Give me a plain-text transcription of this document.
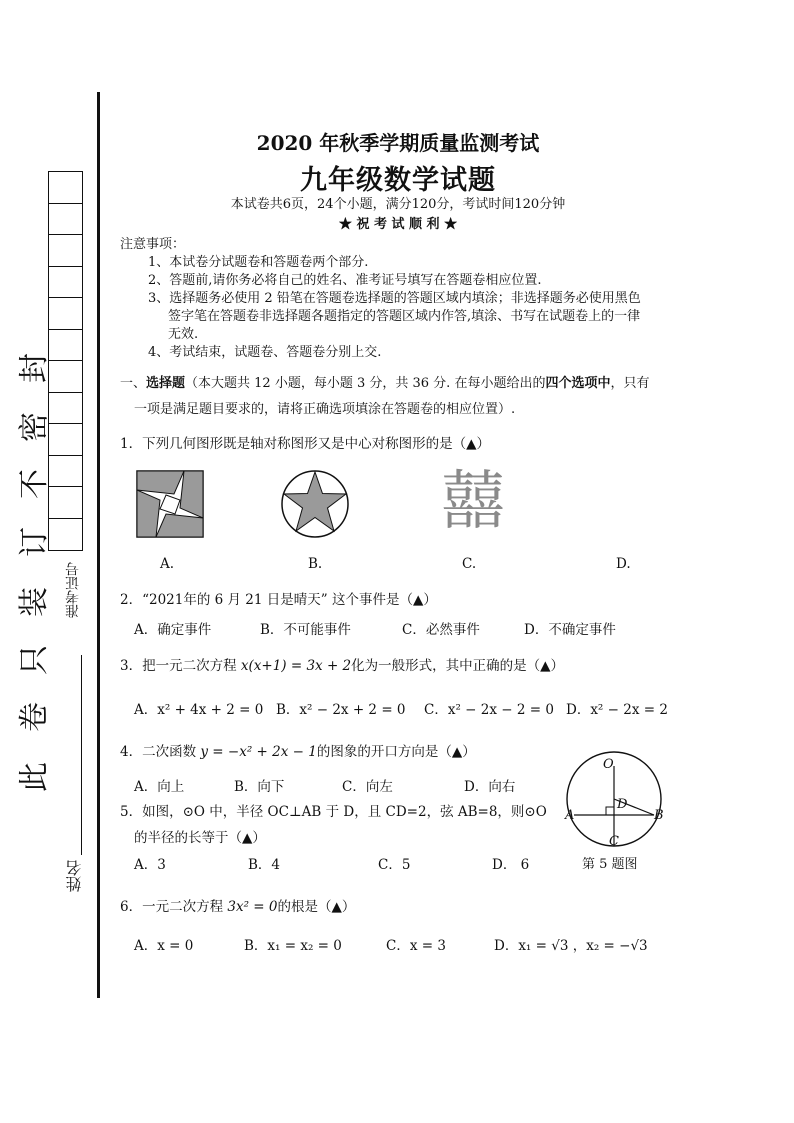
准考证号
姓名
此
卷
只
装
订
不
密
封
2020 年秋季学期质量监测考试
九年级数学试题
本试卷共6页，24个小题，满分120分，考试时间120分钟
★ 祝 考 试 顺 利 ★
注意事项：
1、本试卷分试题卷和答题卷两个部分.
2、答题前,请你务必将自己的姓名、准考证号填写在答题卷相应位置.
3、选择题务必使用 2 铅笔在答题卷选择题的答题区域内填涂；非选择题务必使用黑色
签字笔在答题卷非选择题各题指定的答题区域内作答,填涂、书写在试题卷上的一律
无效.
4、考试结束，试题卷、答题卷分别上交.
一、选择题（本大题共 12 小题，每小题 3 分，共 36 分. 在每小题给出的四个选项中，只有
一项是满足题目要求的，请将正确选项填涂在答题卷的相应位置）.
1．下列几何图形既是轴对称图形又是中心对称图形的是（▲）
囍
A.	B.	C.	D.
2．“2021年的 6 月 21 日是晴天” 这个事件是（▲）
A．确定事件	B．不可能事件	C．必然事件	D．不确定事件
3．把一元二次方程 x(x+1) = 3x + 2化为一般形式，其中正确的是（▲）
A．x² + 4x + 2 = 0 B．x² − 2x + 2 = 0 C．x² − 2x − 2 = 0 D．x² − 2x = 2
4．二次函数 y = −x² + 2x − 1的图象的开口方向是（▲）
A．向上	B．向下	C．向左	D．向右
5．如图，⊙O 中，半径 OC⊥AB 于 D，且 CD=2，弦 AB=8，则⊙O
的半径的长等于（▲）
A．3	B．4	C．5	D． 6
O
D
A	B
C
第 5 题图
6．一元二次方程 3x² = 0的根是（▲）
A．x = 0	B．x₁ = x₂ = 0	C．x = 3	D．x₁ = √3 ，x₂ = −√3
